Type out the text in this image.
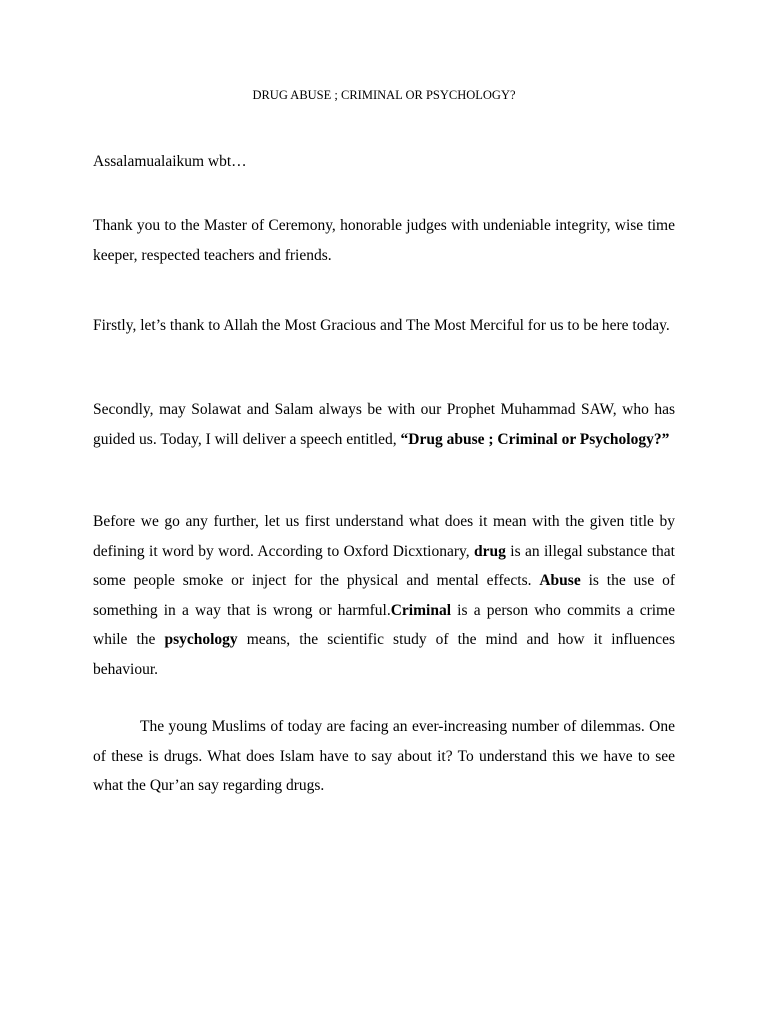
DRUG ABUSE ; CRIMINAL OR PSYCHOLOGY?

Assalamualaikum wbt…

Thank you to the Master of Ceremony, honorable judges with undeniable integrity, wise time keeper, respected teachers and friends.

Firstly, let’s thank to Allah the Most Gracious and The Most Merciful for us to be here today.

Secondly, may Solawat and Salam always be with our Prophet Muhammad SAW, who has guided us. Today, I will deliver a speech entitled, “Drug abuse ; Criminal or Psychology?”

Before we go any further, let us first understand what does it mean with the given title by defining it word by word. According to Oxford Dicxtionary, drug is an illegal substance that some people smoke or inject for the physical and mental effects. Abuse is the use of something in a way that is wrong or harmful.Criminal is a person who commits a crime while the psychology means, the scientific study of the mind and how it influences behaviour.

The young Muslims of today are facing an ever-increasing number of dilemmas. One of these is drugs. What does Islam have to say about it? To understand this we have to see what the Qur’an say regarding drugs.
